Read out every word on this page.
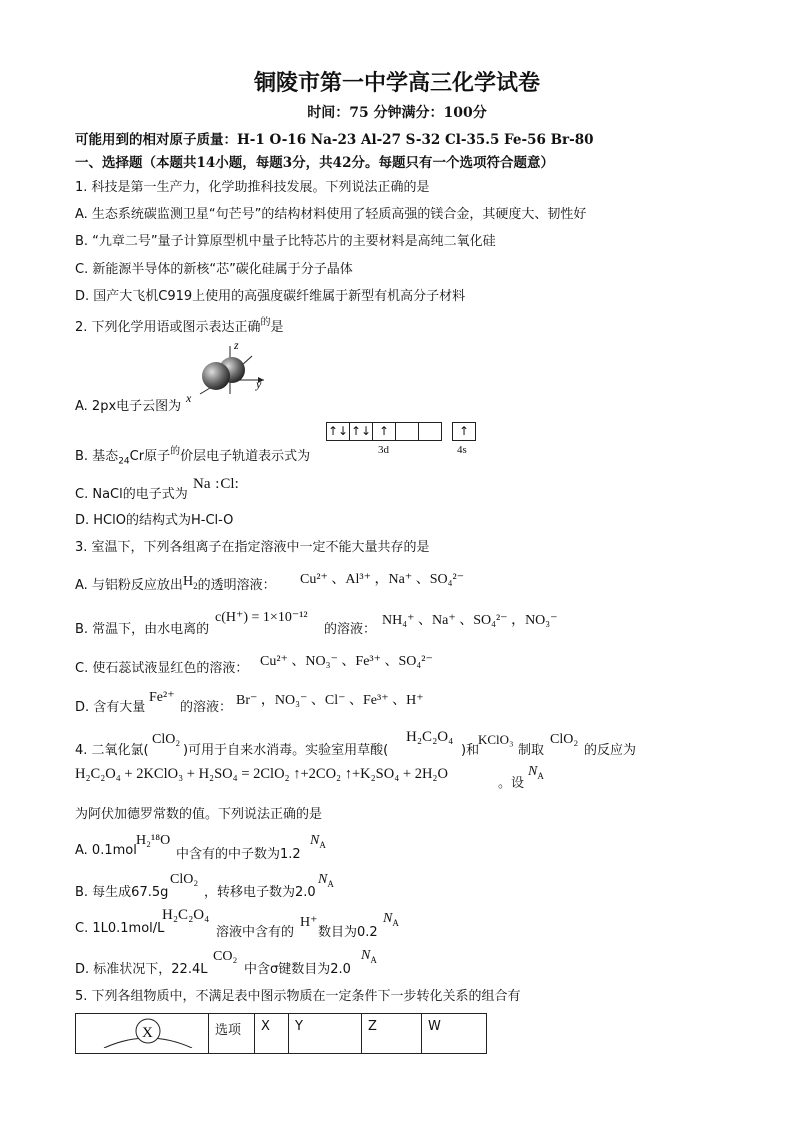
铜陵市第一中学高三化学试卷
时间：75 分钟满分：100分
可能用到的相对原子质量：H-1 O-16 Na-23 Al-27 S-32 Cl-35.5 Fe-56 Br-80
一、选择题（本题共14小题，每题3分，共42分。每题只有一个选项符合题意）
1. 科技是第一生产力，化学助推科技发展。下列说法正确的是
A. 生态系统碳监测卫星“句芒号”的结构材料使用了轻质高强的镁合金，其硬度大、韧性好
B. “九章二号”量子计算原型机中量子比特芯片的主要材料是高纯二氧化硅
C. 新能源半导体的新核“芯”碳化硅属于分子晶体
D. 国产大飞机C919上使用的高强度碳纤维属于新型有机高分子材料
2. 下列化学用语或图示表达正确$^的$是
A. 2px电子云图为
z
y
x
B. 基态$_{24}$Cr原子$^的$价层电子轨道表示式为
↑↓ ↑↓ ↑	↑
3d	4s
C. NaCl的电子式为
Na :Cl:
D. HClO的结构式为H-Cl-O
3. 室温下，下列各组离子在指定溶液中一定不能大量共存的是
A. 与铝粉反应放出$H_2$的透明溶液： Cu²⁺ 、Al³⁺ ，Na⁺ 、SO₄²⁻
B. 常温下，由水电离的
c(H⁺) = 1×10⁻¹²
的溶液：
NH₄⁺ 、Na⁺ 、SO₄²⁻ ，NO₃⁻
C. 使石蕊试液显红色的溶液： Cu²⁺ 、NO₃⁻ 、Fe³⁺ 、SO₄²⁻
D. 含有大量
Fe²⁺
的溶液： Br⁻ ，NO₃⁻ 、Cl⁻ 、Fe³⁺ 、H⁺
4. 二氧化氯(
ClO₂
)可用于自来水消毒。实验室用草酸(
H₂C₂O₄
)和
KClO₃
制取
ClO₂
的反应为
H₂C₂O₄ + 2KClO₃ + H₂SO₄ = 2ClO₂ ↑+2CO₂ ↑+K₂SO₄ + 2H₂O
。设
$N_A$
为阿伏加德罗常数的值。下列说法正确的是
A. 0.1mol
H₂¹⁸O
中含有的中子数为1.2
$N_A$
B. 每生成67.5g
ClO₂
，转移电子数为2.0
$N_A$
C. 1L0.1mol/L
H₂C₂O₄
溶液中含有的
H⁺
数目为0.2
$N_A$
D. 标准状况下，22.4L
CO₂
中含σ键数目为2.0
$N_A$
5. 下列各组物质中，不满足表中图示物质在一定条件下一步转化关系的组合有
X	选项	X	Y	Z	W
